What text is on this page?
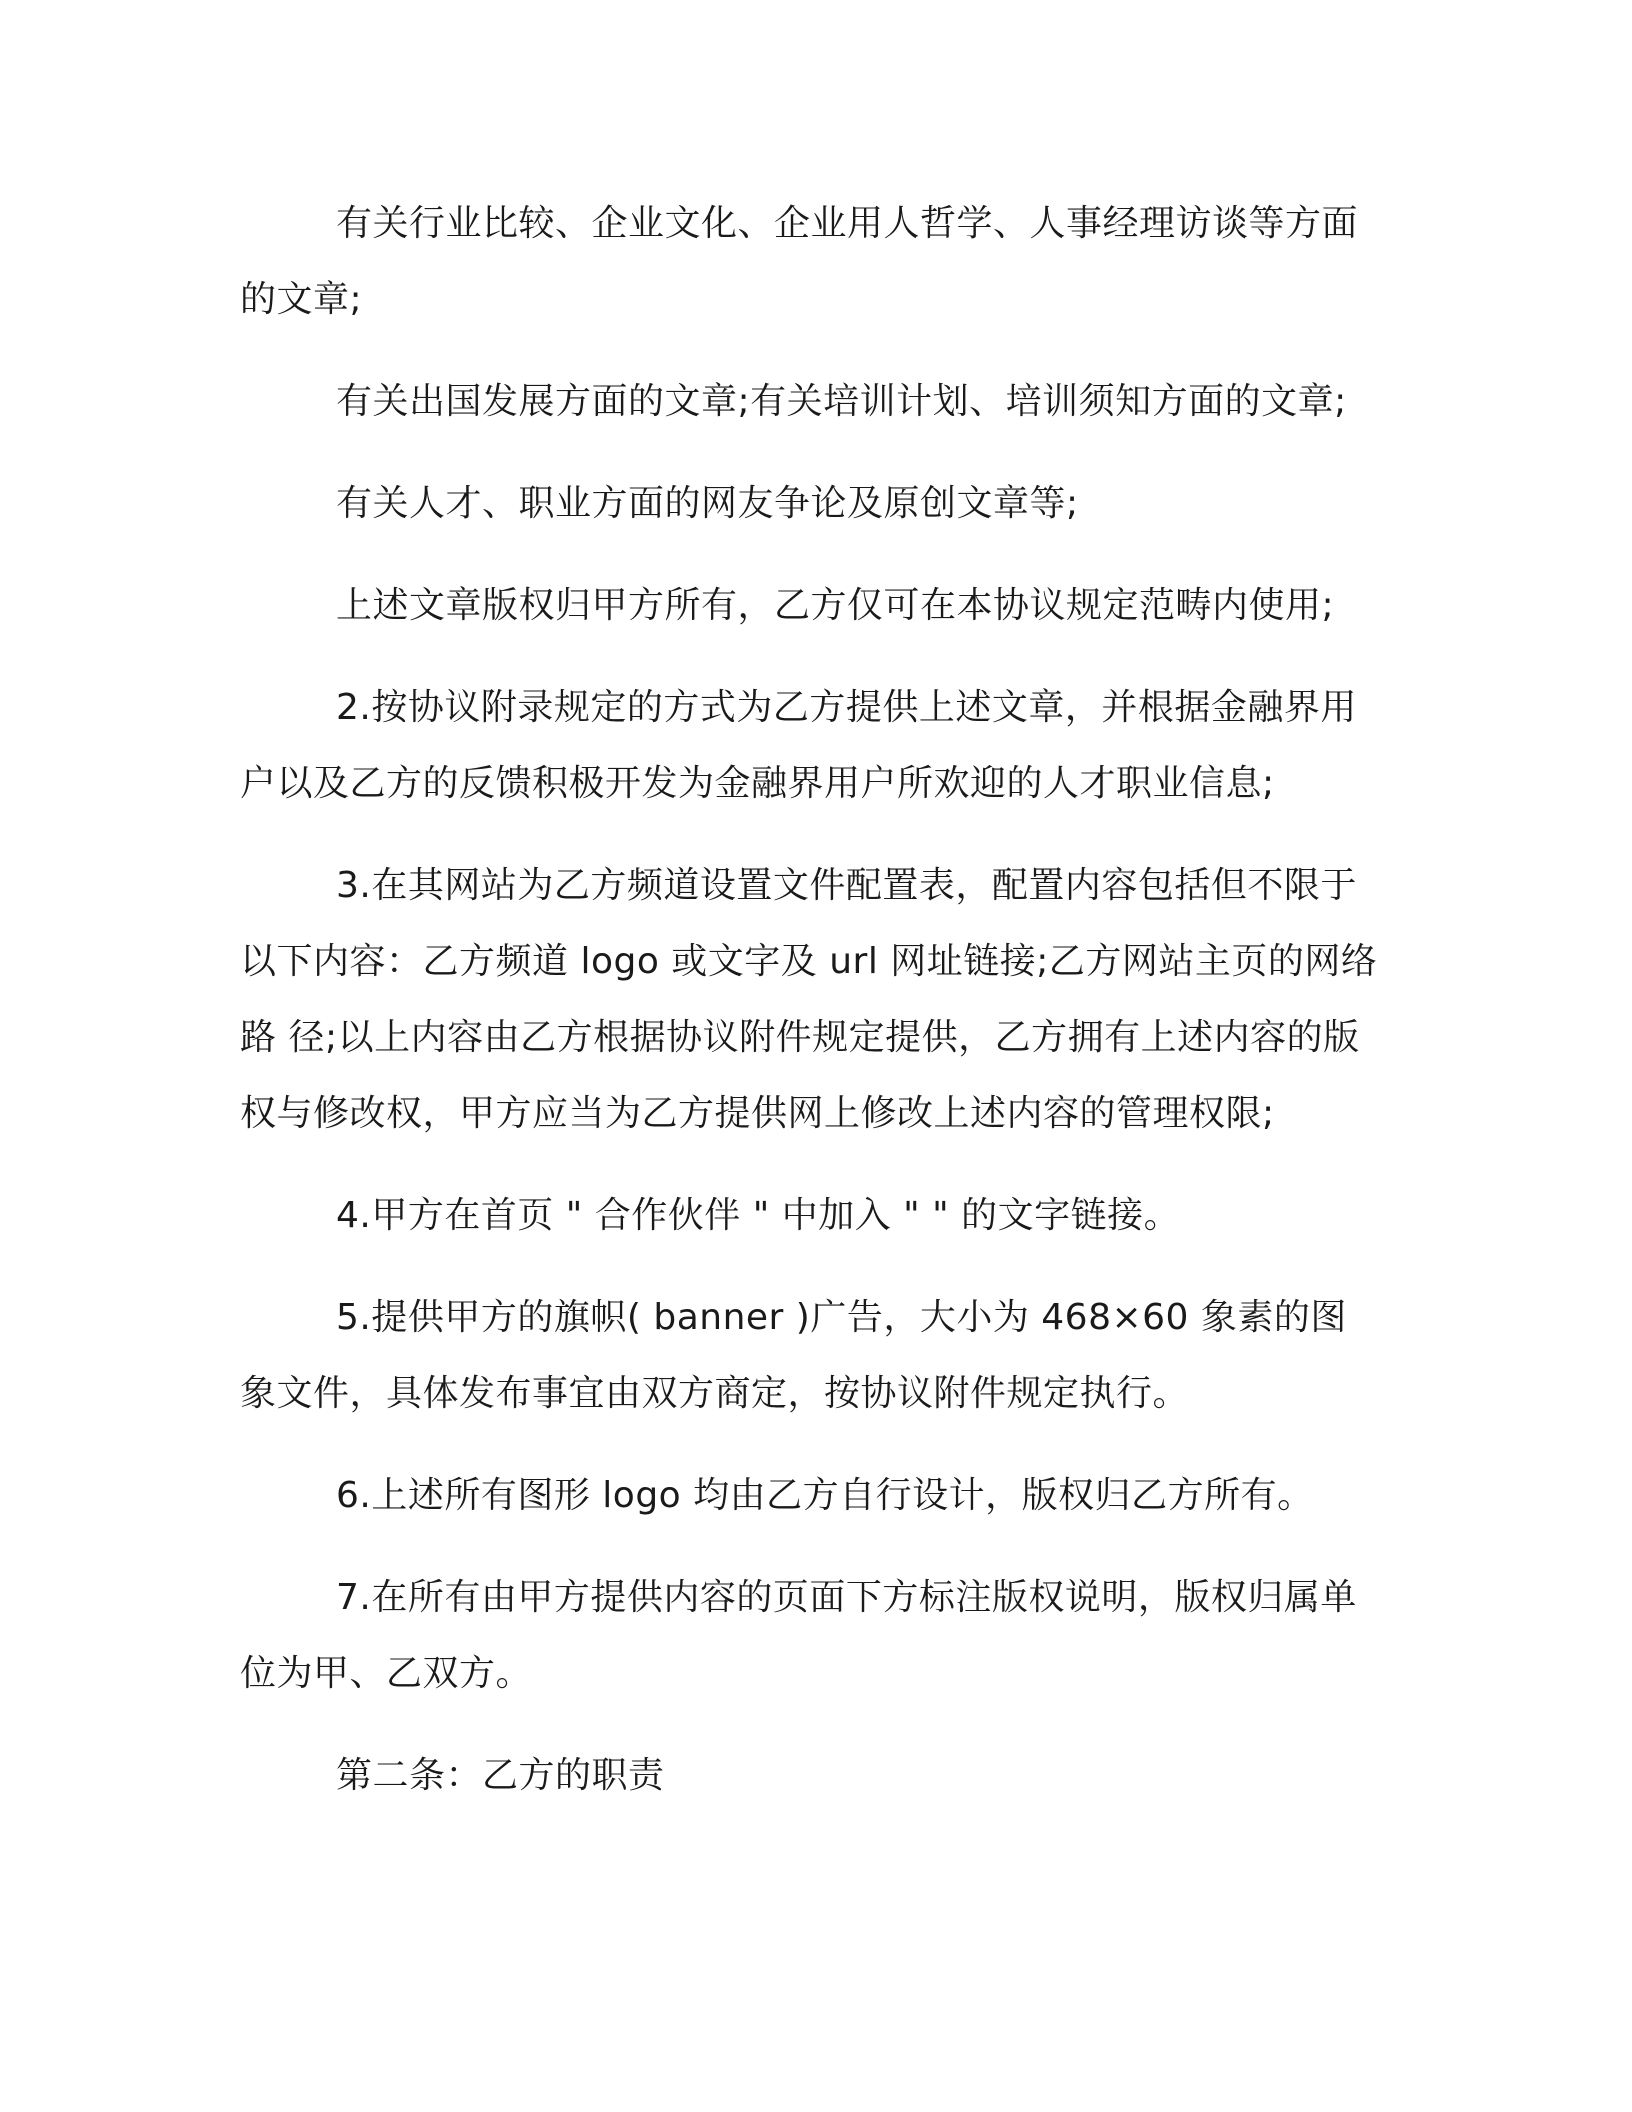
有关行业比较、企业文化、企业用人哲学、人事经理访谈等方面的文章;

有关出国发展方面的文章;有关培训计划、培训须知方面的文章;

有关人才、职业方面的网友争论及原创文章等;

上述文章版权归甲方所有，乙方仅可在本协议规定范畴内使用;

2.按协议附录规定的方式为乙方提供上述文章，并根据金融界用户以及乙方的反馈积极开发为金融界用户所欢迎的人才职业信息;

3.在其网站为乙方频道设置文件配置表，配置内容包括但不限于以下内容：乙方频道 logo 或文字及 url 网址链接;乙方网站主页的网络路 径;以上内容由乙方根据协议附件规定提供，乙方拥有上述内容的版权与修改权，甲方应当为乙方提供网上修改上述内容的管理权限;

4.甲方在首页 " 合作伙伴 " 中加入 " " 的文字链接。

5.提供甲方的旗帜( banner )广告，大小为 468×60 象素的图象文件，具体发布事宜由双方商定，按协议附件规定执行。

6.上述所有图形 logo 均由乙方自行设计，版权归乙方所有。

7.在所有由甲方提供内容的页面下方标注版权说明，版权归属单位为甲、乙双方。

第二条：乙方的职责
